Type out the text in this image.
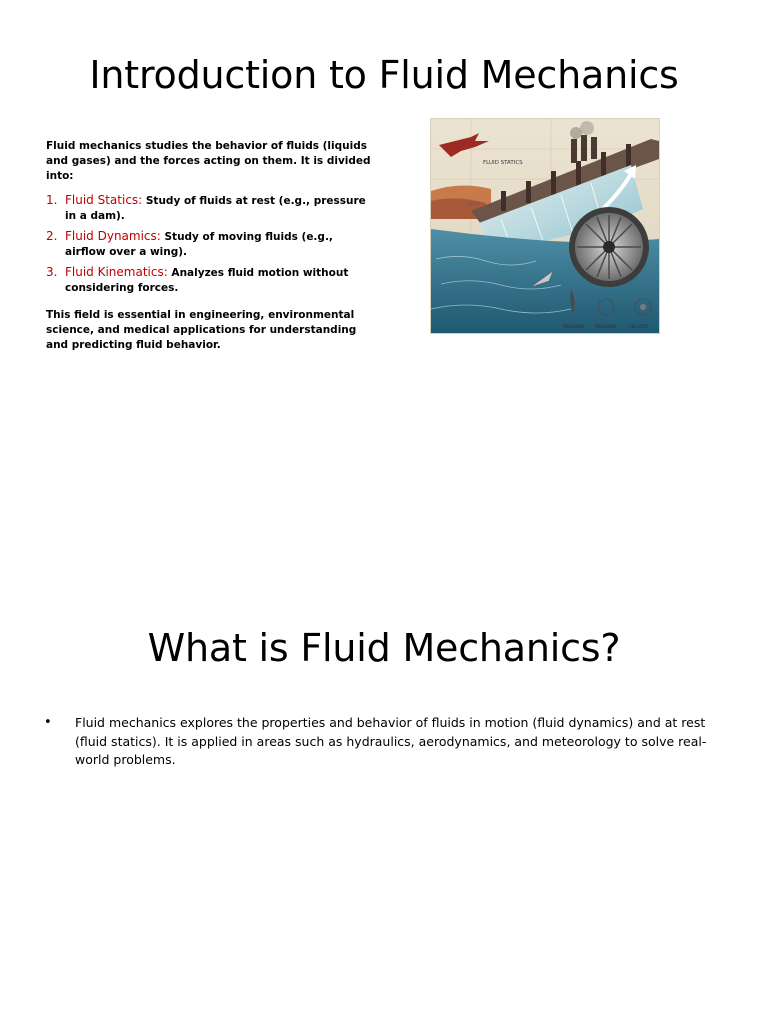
Introduction to Fluid Mechanics

Fluid mechanics studies the behavior of fluids (liquids and gases) and the forces acting on them. It is divided into:

1. Fluid Statics: Study of fluids at rest (e.g., pressure in a dam).
2. Fluid Dynamics: Study of moving fluids (e.g., airflow over a wing).
3. Fluid Kinematics: Analyzes fluid motion without considering forces.

This field is essential in engineering, environmental science, and medical applications for understanding and predicting fluid behavior.

FLUID STATICS
STATICS
PRESSURE	PRESSURE	VELOCITY
What is Fluid Mechanics?
• Fluid mechanics explores the properties and behavior of fluids in motion (fluid dynamics) and at rest (fluid statics). It is applied in areas such as hydraulics, aerodynamics, and meteorology to solve real-world problems.
